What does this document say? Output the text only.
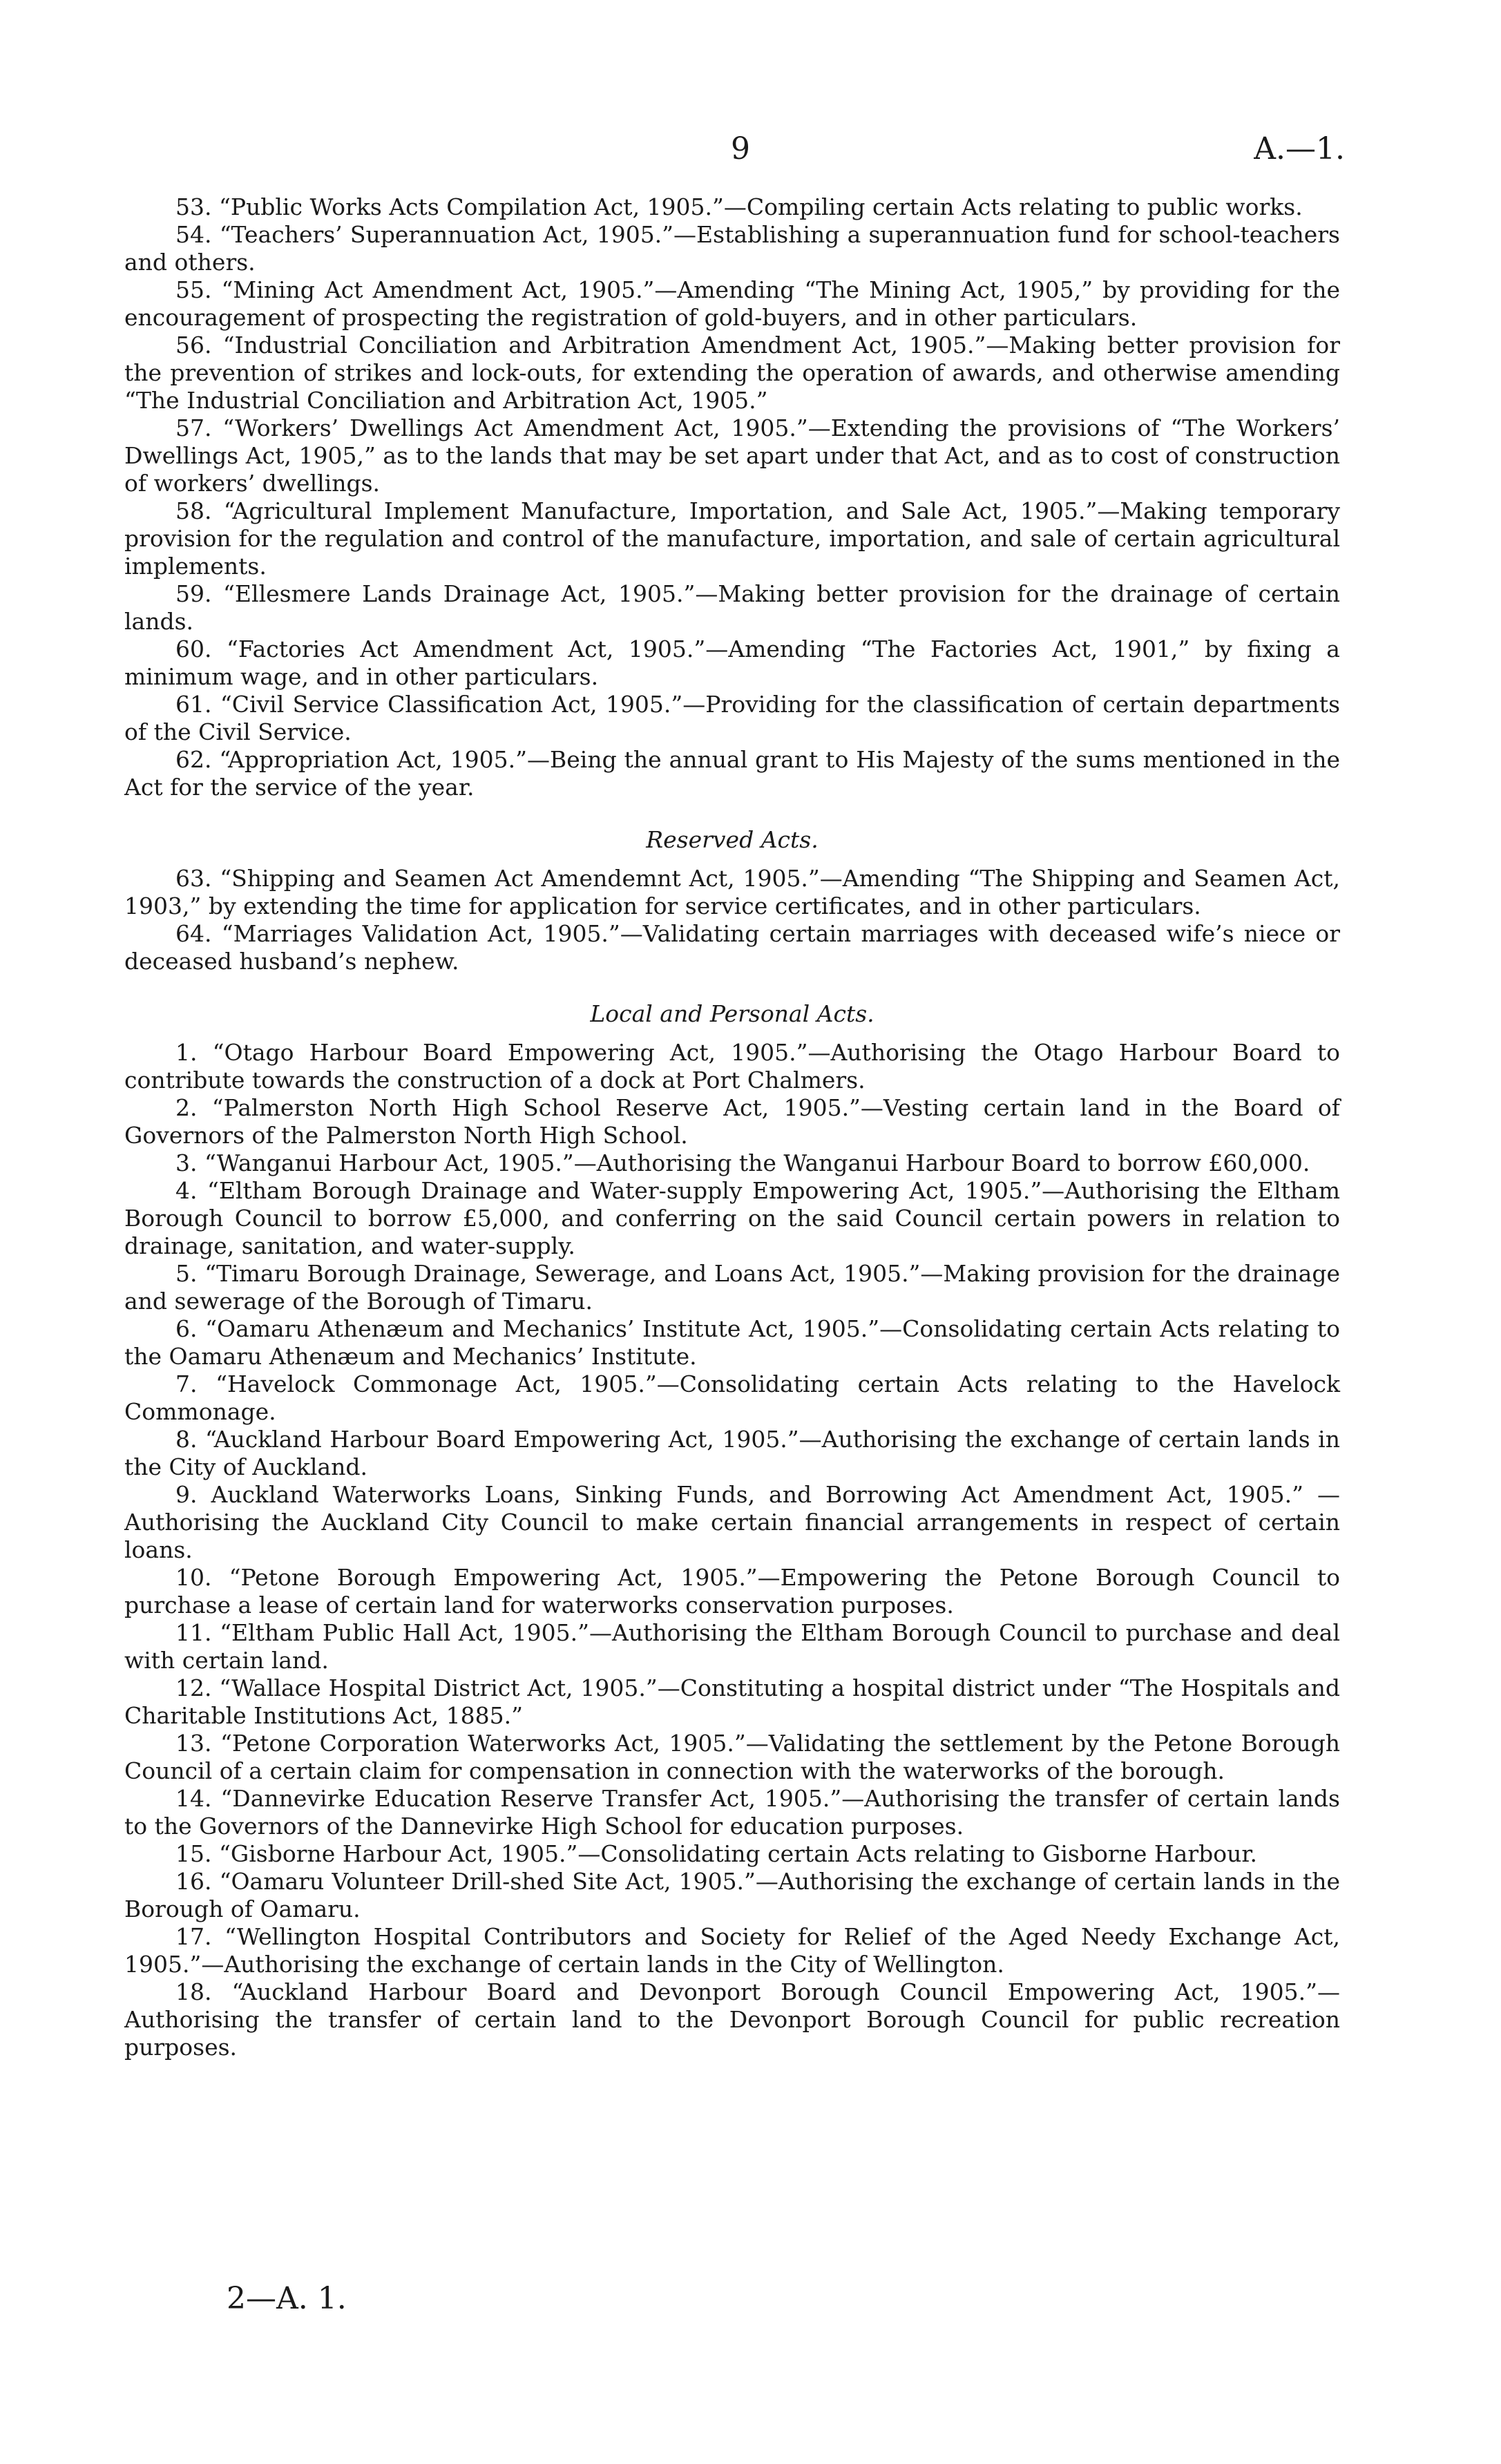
9	A.—1.

53. “Public Works Acts Compilation Act, 1905.”—Compiling certain Acts relating to public works.

54. “Teachers’ Superannuation Act, 1905.”—Establishing a superannuation fund for school-teachers and others.

55. “Mining Act Amendment Act, 1905.”—Amending “The Mining Act, 1905,” by providing for the encouragement of prospecting the registration of gold-buyers, and in other particulars.

56. “Industrial Conciliation and Arbitration Amendment Act, 1905.”—Making better provision for the prevention of strikes and lock-outs, for extending the operation of awards, and otherwise amending “The Industrial Conciliation and Arbitration Act, 1905.”

57. “Workers’ Dwellings Act Amendment Act, 1905.”—Extending the provisions of “The Workers’ Dwellings Act, 1905,” as to the lands that may be set apart under that Act, and as to cost of construction of workers’ dwellings.

58. “Agricultural Implement Manufacture, Importation, and Sale Act, 1905.”—Making temporary provision for the regulation and control of the manufacture, importation, and sale of certain agricultural implements.

59. “Ellesmere Lands Drainage Act, 1905.”—Making better provision for the drainage of certain lands.

60. “Factories Act Amendment Act, 1905.”—Amending “The Factories Act, 1901,” by fixing a minimum wage, and in other particulars.

61. “Civil Service Classification Act, 1905.”—Providing for the classification of certain departments of the Civil Service.

62. “Appropriation Act, 1905.”—Being the annual grant to His Majesty of the sums mentioned in the Act for the service of the year.

Reserved Acts.

63. “Shipping and Seamen Act Amendemnt Act, 1905.”—Amending “The Shipping and Seamen Act, 1903,” by extending the time for application for service certificates, and in other particulars.

64. “Marriages Validation Act, 1905.”—Validating certain marriages with deceased wife’s niece or deceased husband’s nephew.

Local and Personal Acts.

1. “Otago Harbour Board Empowering Act, 1905.”—Authorising the Otago Harbour Board to contribute towards the construction of a dock at Port Chalmers.

2. “Palmerston North High School Reserve Act, 1905.”—Vesting certain land in the Board of Governors of the Palmerston North High School.

3. “Wanganui Harbour Act, 1905.”—Authorising the Wanganui Harbour Board to borrow £60,000.

4. “Eltham Borough Drainage and Water-supply Empowering Act, 1905.”—Authorising the Eltham Borough Council to borrow £5,000, and conferring on the said Council certain powers in relation to drainage, sanitation, and water-supply.

5. “Timaru Borough Drainage, Sewerage, and Loans Act, 1905.”—Making provision for the drainage and sewerage of the Borough of Timaru.

6. “Oamaru Athenæum and Mechanics’ Institute Act, 1905.”—Consolidating certain Acts relating to the Oamaru Athenæum and Mechanics’ Institute.

7. “Havelock Commonage Act, 1905.”—Consolidating certain Acts relating to the Havelock Commonage.

8. “Auckland Harbour Board Empowering Act, 1905.”—Authorising the exchange of certain lands in the City of Auckland.

9. Auckland Waterworks Loans, Sinking Funds, and Borrowing Act Amendment Act, 1905.” —Authorising the Auckland City Council to make certain financial arrangements in respect of certain loans.

10. “Petone Borough Empowering Act, 1905.”—Empowering the Petone Borough Council to purchase a lease of certain land for waterworks conservation purposes.

11. “Eltham Public Hall Act, 1905.”—Authorising the Eltham Borough Council to purchase and deal with certain land.

12. “Wallace Hospital District Act, 1905.”—Constituting a hospital district under “The Hospitals and Charitable Institutions Act, 1885.”

13. “Petone Corporation Waterworks Act, 1905.”—Validating the settlement by the Petone Borough Council of a certain claim for compensation in connection with the waterworks of the borough.

14. “Dannevirke Education Reserve Transfer Act, 1905.”—Authorising the transfer of certain lands to the Governors of the Dannevirke High School for education purposes.

15. “Gisborne Harbour Act, 1905.”—Consolidating certain Acts relating to Gisborne Harbour.

16. “Oamaru Volunteer Drill-shed Site Act, 1905.”—Authorising the exchange of certain lands in the Borough of Oamaru.

17. “Wellington Hospital Contributors and Society for Relief of the Aged Needy Exchange Act, 1905.”—Authorising the exchange of certain lands in the City of Wellington.

18. “Auckland Harbour Board and Devonport Borough Council Empowering Act, 1905.”—Authorising the transfer of certain land to the Devonport Borough Council for public recreation purposes.

2—A. 1.
